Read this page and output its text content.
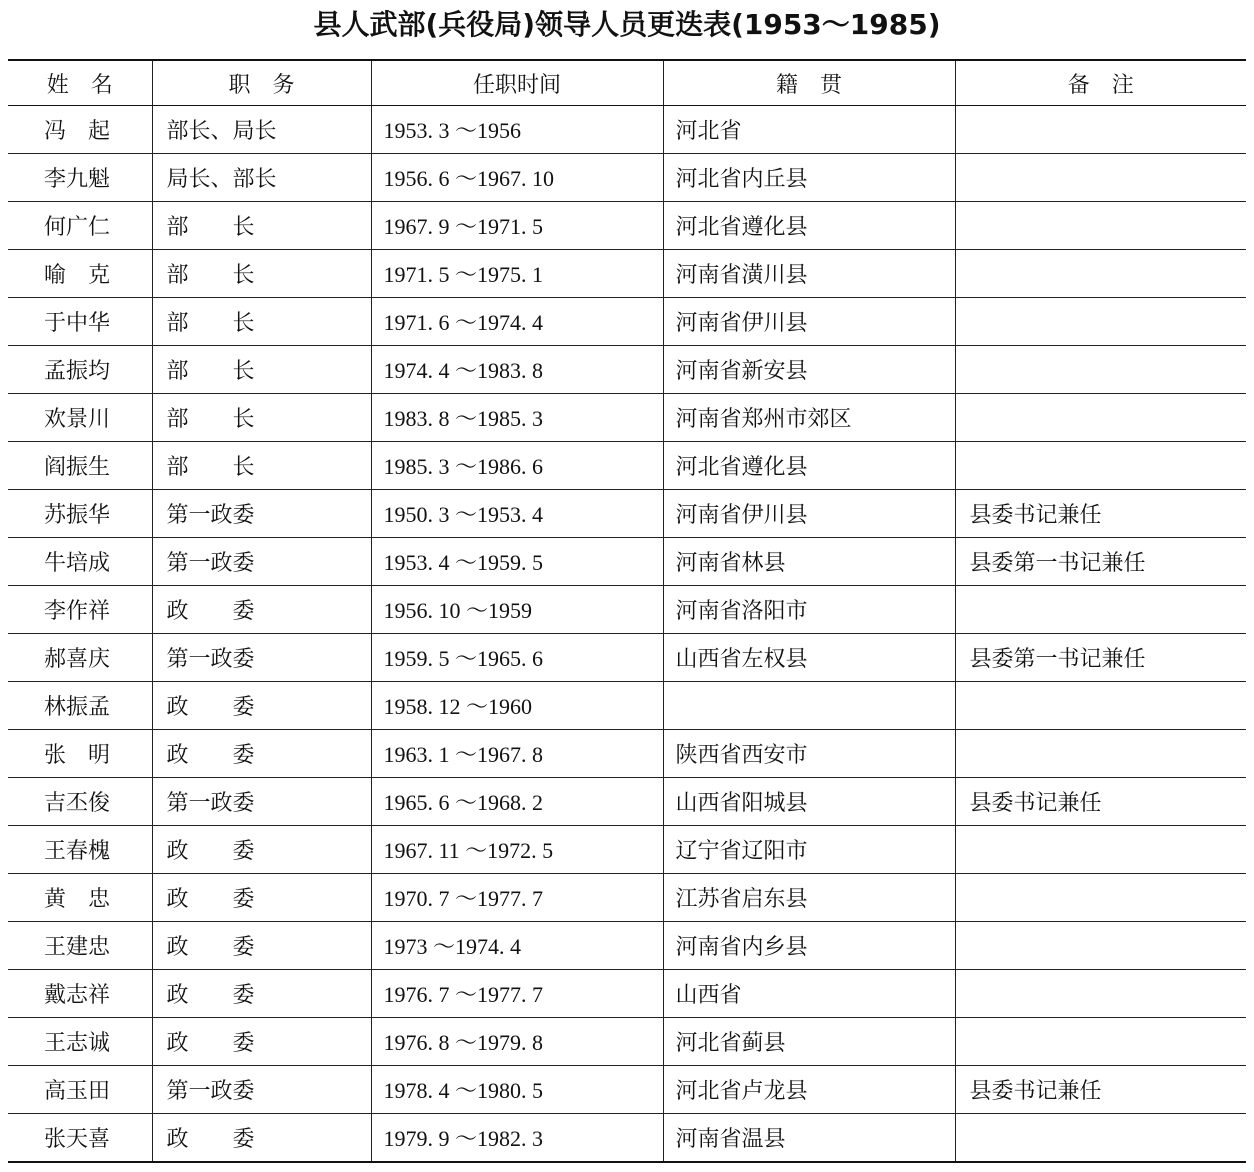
县人武部(兵役局)领导人员更迭表(1953～1985)
姓　名	职　务	任职时间	籍　贯	备　注
冯　起	部长、局长	1953. 3 ～1956	河北省	
李九魁	局长、部长	1956. 6 ～1967. 10	河北省内丘县	
何广仁	部　　长	1967. 9 ～1971. 5	河北省遵化县	
喻　克	部　　长	1971. 5 ～1975. 1	河南省潢川县	
于中华	部　　长	1971. 6 ～1974. 4	河南省伊川县	
孟振均	部　　长	1974. 4 ～1983. 8	河南省新安县	
欢景川	部　　长	1983. 8 ～1985. 3	河南省郑州市郊区	
阎振生	部　　长	1985. 3 ～1986. 6	河北省遵化县	
苏振华	第一政委	1950. 3 ～1953. 4	河南省伊川县	县委书记兼任
牛培成	第一政委	1953. 4 ～1959. 5	河南省林县	县委第一书记兼任
李作祥	政　　委	1956. 10 ～1959	河南省洛阳市	
郝喜庆	第一政委	1959. 5 ～1965. 6	山西省左权县	县委第一书记兼任
林振孟	政　　委	1958. 12 ～1960		
张　明	政　　委	1963. 1 ～1967. 8	陕西省西安市	
吉丕俊	第一政委	1965. 6 ～1968. 2	山西省阳城县	县委书记兼任
王春槐	政　　委	1967. 11 ～1972. 5	辽宁省辽阳市	
黄　忠	政　　委	1970. 7 ～1977. 7	江苏省启东县	
王建忠	政　　委	1973 ～1974. 4	河南省内乡县	
戴志祥	政　　委	1976. 7 ～1977. 7	山西省	
王志诚	政　　委	1976. 8 ～1979. 8	河北省蓟县	
高玉田	第一政委	1978. 4 ～1980. 5	河北省卢龙县	县委书记兼任
张天喜	政　　委	1979. 9 ～1982. 3	河南省温县	
